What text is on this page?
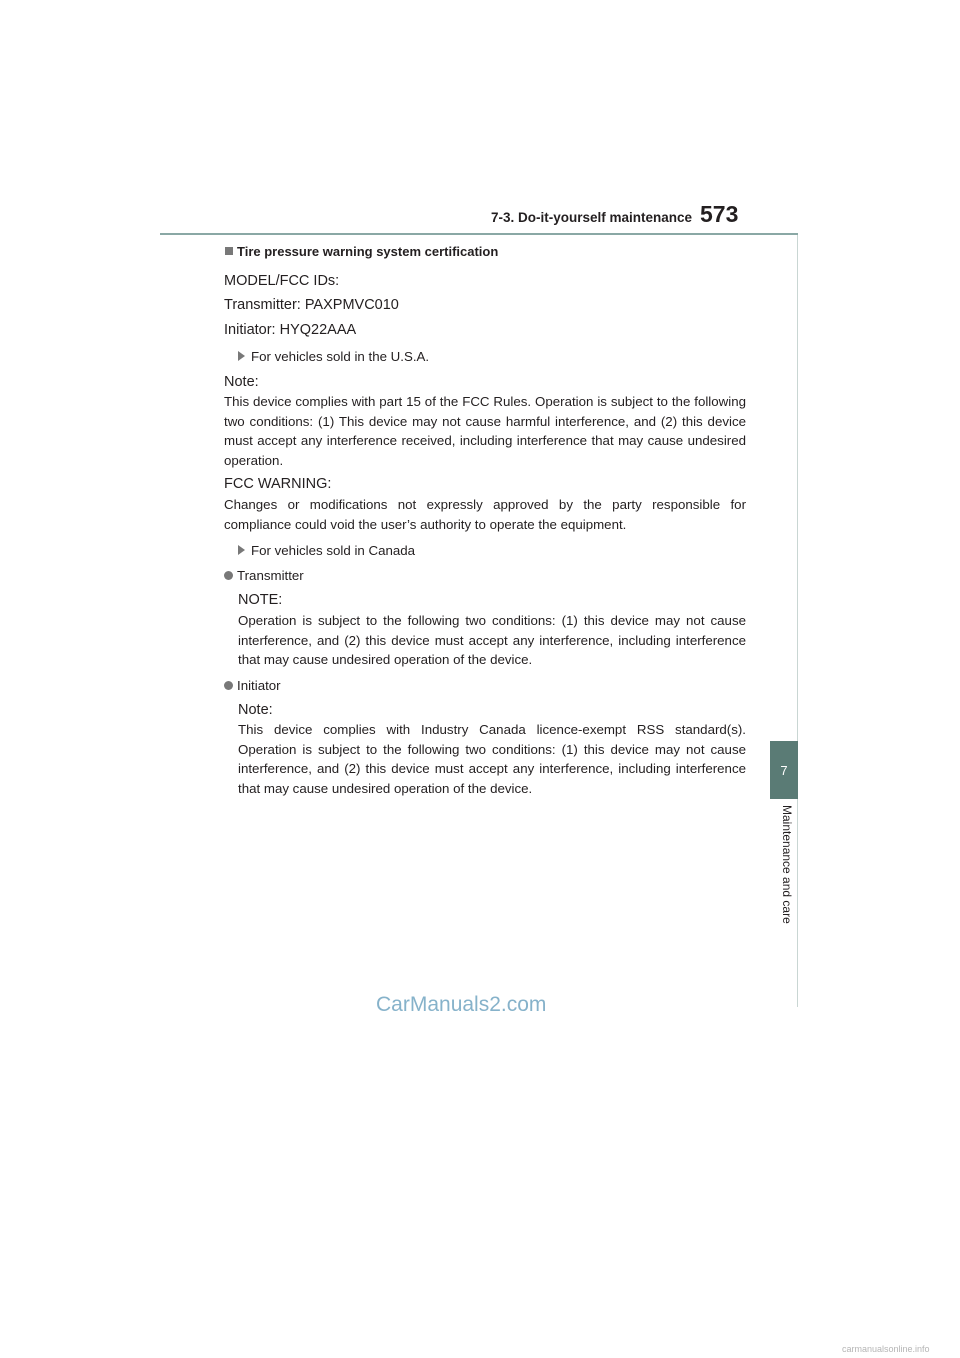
7-3. Do-it-yourself maintenance 573
7
Maintenance and care
Tire pressure warning system certification
MODEL/FCC IDs:
Transmitter: PAXPMVC010
Initiator: HYQ22AAA
For vehicles sold in the U.S.A.
Note:
This device complies with part 15 of the FCC Rules. Operation is subject to the following two conditions: (1) This device may not cause harmful interference, and (2) this device must accept any interference received, including interference that may cause undesired operation.
FCC WARNING:
Changes or modifications not expressly approved by the party responsible for compliance could void the user’s authority to operate the equipment.
For vehicles sold in Canada
Transmitter
NOTE:
Operation is subject to the following two conditions: (1) this device may not cause interference, and (2) this device must accept any interference, including interference that may cause undesired operation of the device.
Initiator
Note:
This device complies with Industry Canada licence-exempt RSS standard(s). Operation is subject to the following two conditions: (1) this device may not cause interference, and (2) this device must accept any interference, including interference that may cause undesired operation of the device.
CarManuals2.com
carmanualsonline.info
